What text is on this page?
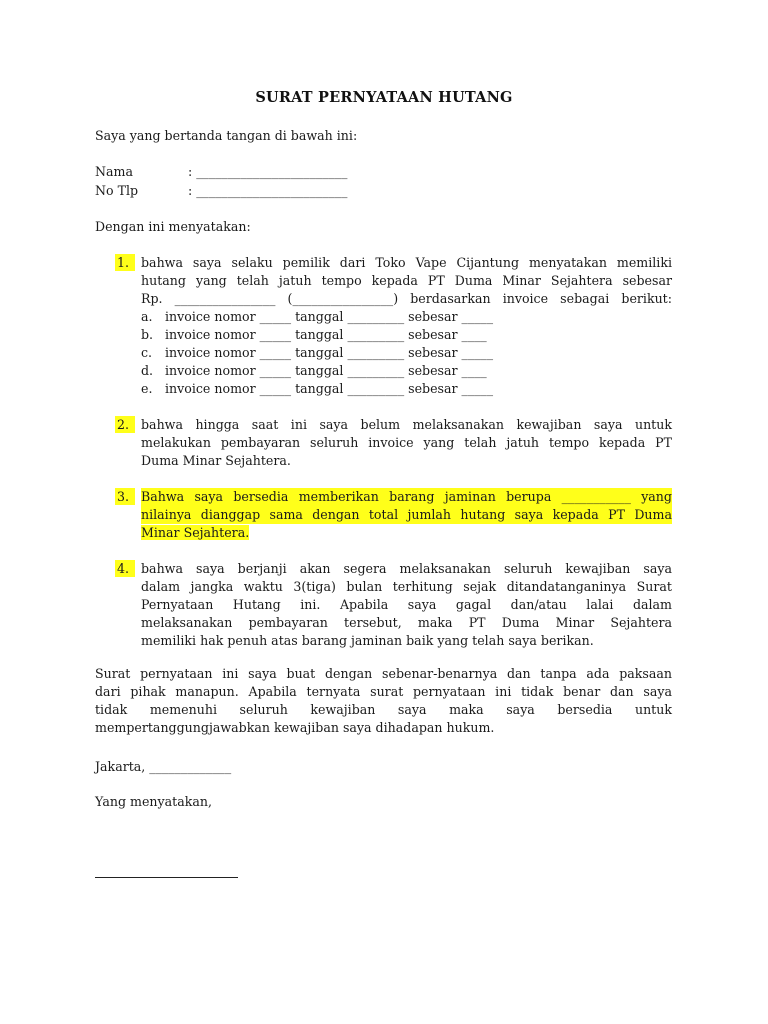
SURAT PERNYATAAN HUTANG
Saya yang bertanda tangan di bawah ini:
Nama	: ________________________
No Tlp	: ________________________
Dengan ini menyatakan:
1. bahwa saya selaku pemilik dari Toko Vape Cijantung menyatakan memiliki
hutang yang telah jatuh tempo kepada PT Duma Minar Sejahtera sebesar
Rp. ________________ (________________) berdasarkan invoice sebagai berikut:
a. invoice nomor _____ tanggal _________ sebesar _____
b. invoice nomor _____ tanggal _________ sebesar ____
c. invoice nomor _____ tanggal _________ sebesar _____
d. invoice nomor _____ tanggal _________ sebesar ____
e. invoice nomor _____ tanggal _________ sebesar _____
2. bahwa hingga saat ini saya belum melaksanakan kewajiban saya untuk
melakukan pembayaran seluruh invoice yang telah jatuh tempo kepada PT
Duma Minar Sejahtera.
3. Bahwa saya bersedia memberikan barang jaminan berupa ___________ yang
nilainya dianggap sama dengan total jumlah hutang saya kepada PT Duma
Minar Sejahtera.
4. bahwa saya berjanji akan segera melaksanakan seluruh kewajiban saya
dalam jangka waktu 3(tiga) bulan terhitung sejak ditandatanganinya Surat
Pernyataan Hutang ini. Apabila saya gagal dan/atau lalai dalam
melaksanakan pembayaran tersebut, maka PT Duma Minar Sejahtera
memiliki hak penuh atas barang jaminan baik yang telah saya berikan.
Surat pernyataan ini saya buat dengan sebenar-benarnya dan tanpa ada paksaan
dari pihak manapun. Apabila ternyata surat pernyataan ini tidak benar dan saya
tidak memenuhi seluruh kewajiban saya maka saya bersedia untuk
mempertanggungjawabkan kewajiban saya dihadapan hukum.
Jakarta, _____________
Yang menyatakan,
